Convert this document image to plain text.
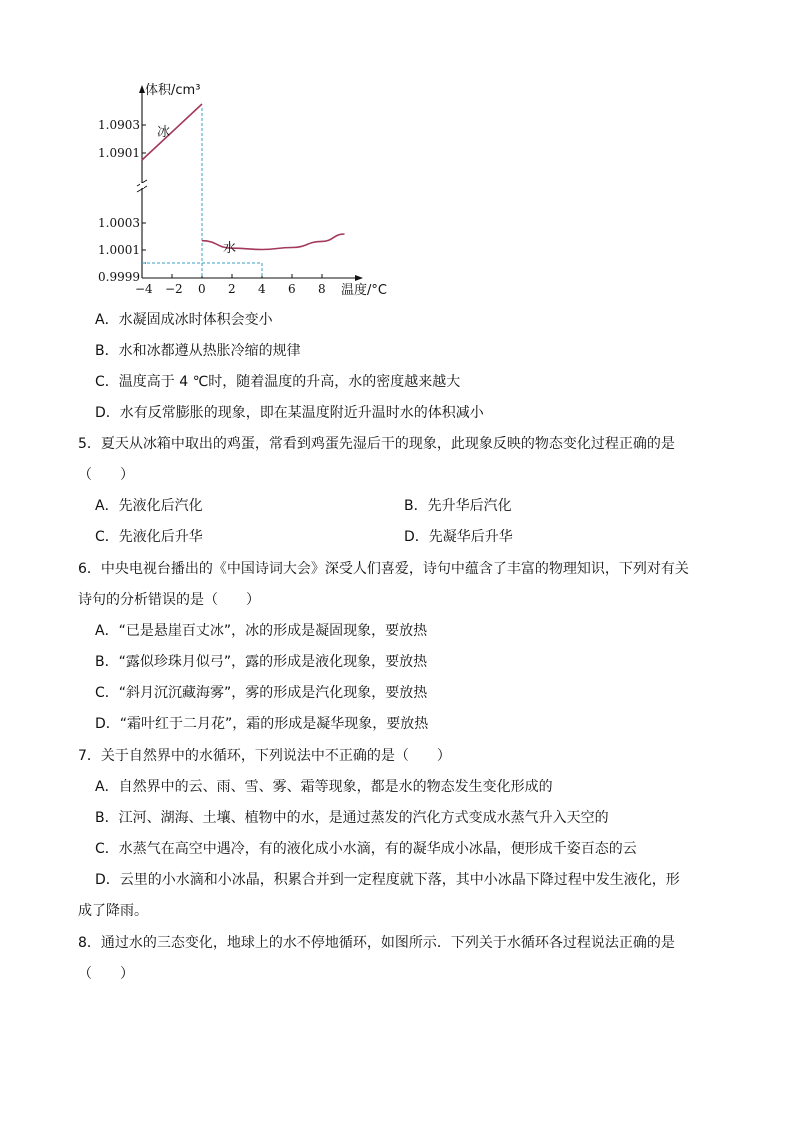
体积/cm³
温度/°C
冰
水
1.0903
1.0901
1.0003
1.0001
0.9999
−4 −2 0 2 4 6 8
A．水凝固成冰时体积会变小
B．水和冰都遵从热胀冷缩的规律
C．温度高于 4 ℃时，随着温度的升高，水的密度越来越大
D．水有反常膨胀的现象，即在某温度附近升温时水的体积减小
5．夏天从冰箱中取出的鸡蛋，常看到鸡蛋先湿后干的现象，此现象反映的物态变化过程正确的是
（　　）
A．先液化后汽化	B．先升华后汽化
C．先液化后升华	D．先凝华后升华
6．中央电视台播出的《中国诗词大会》深受人们喜爱，诗句中蕴含了丰富的物理知识，下列对有关
诗句的分析错误的是（　　）
A．“已是悬崖百丈冰”，冰的形成是凝固现象，要放热
B．“露似珍珠月似弓”，露的形成是液化现象，要放热
C．“斜月沉沉藏海雾”，雾的形成是汽化现象，要放热
D．“霜叶红于二月花”，霜的形成是凝华现象，要放热
7．关于自然界中的水循环，下列说法中不正确的是（　　）
A．自然界中的云、雨、雪、雾、霜等现象，都是水的物态发生变化形成的
B．江河、湖海、土壤、植物中的水，是通过蒸发的汽化方式变成水蒸气升入天空的
C．水蒸气在高空中遇冷，有的液化成小水滴，有的凝华成小冰晶，便形成千姿百态的云
D．云里的小水滴和小冰晶，积累合并到一定程度就下落，其中小冰晶下降过程中发生液化，形
成了降雨。
8．通过水的三态变化，地球上的水不停地循环，如图所示．下列关于水循环各过程说法正确的是
（　　）
